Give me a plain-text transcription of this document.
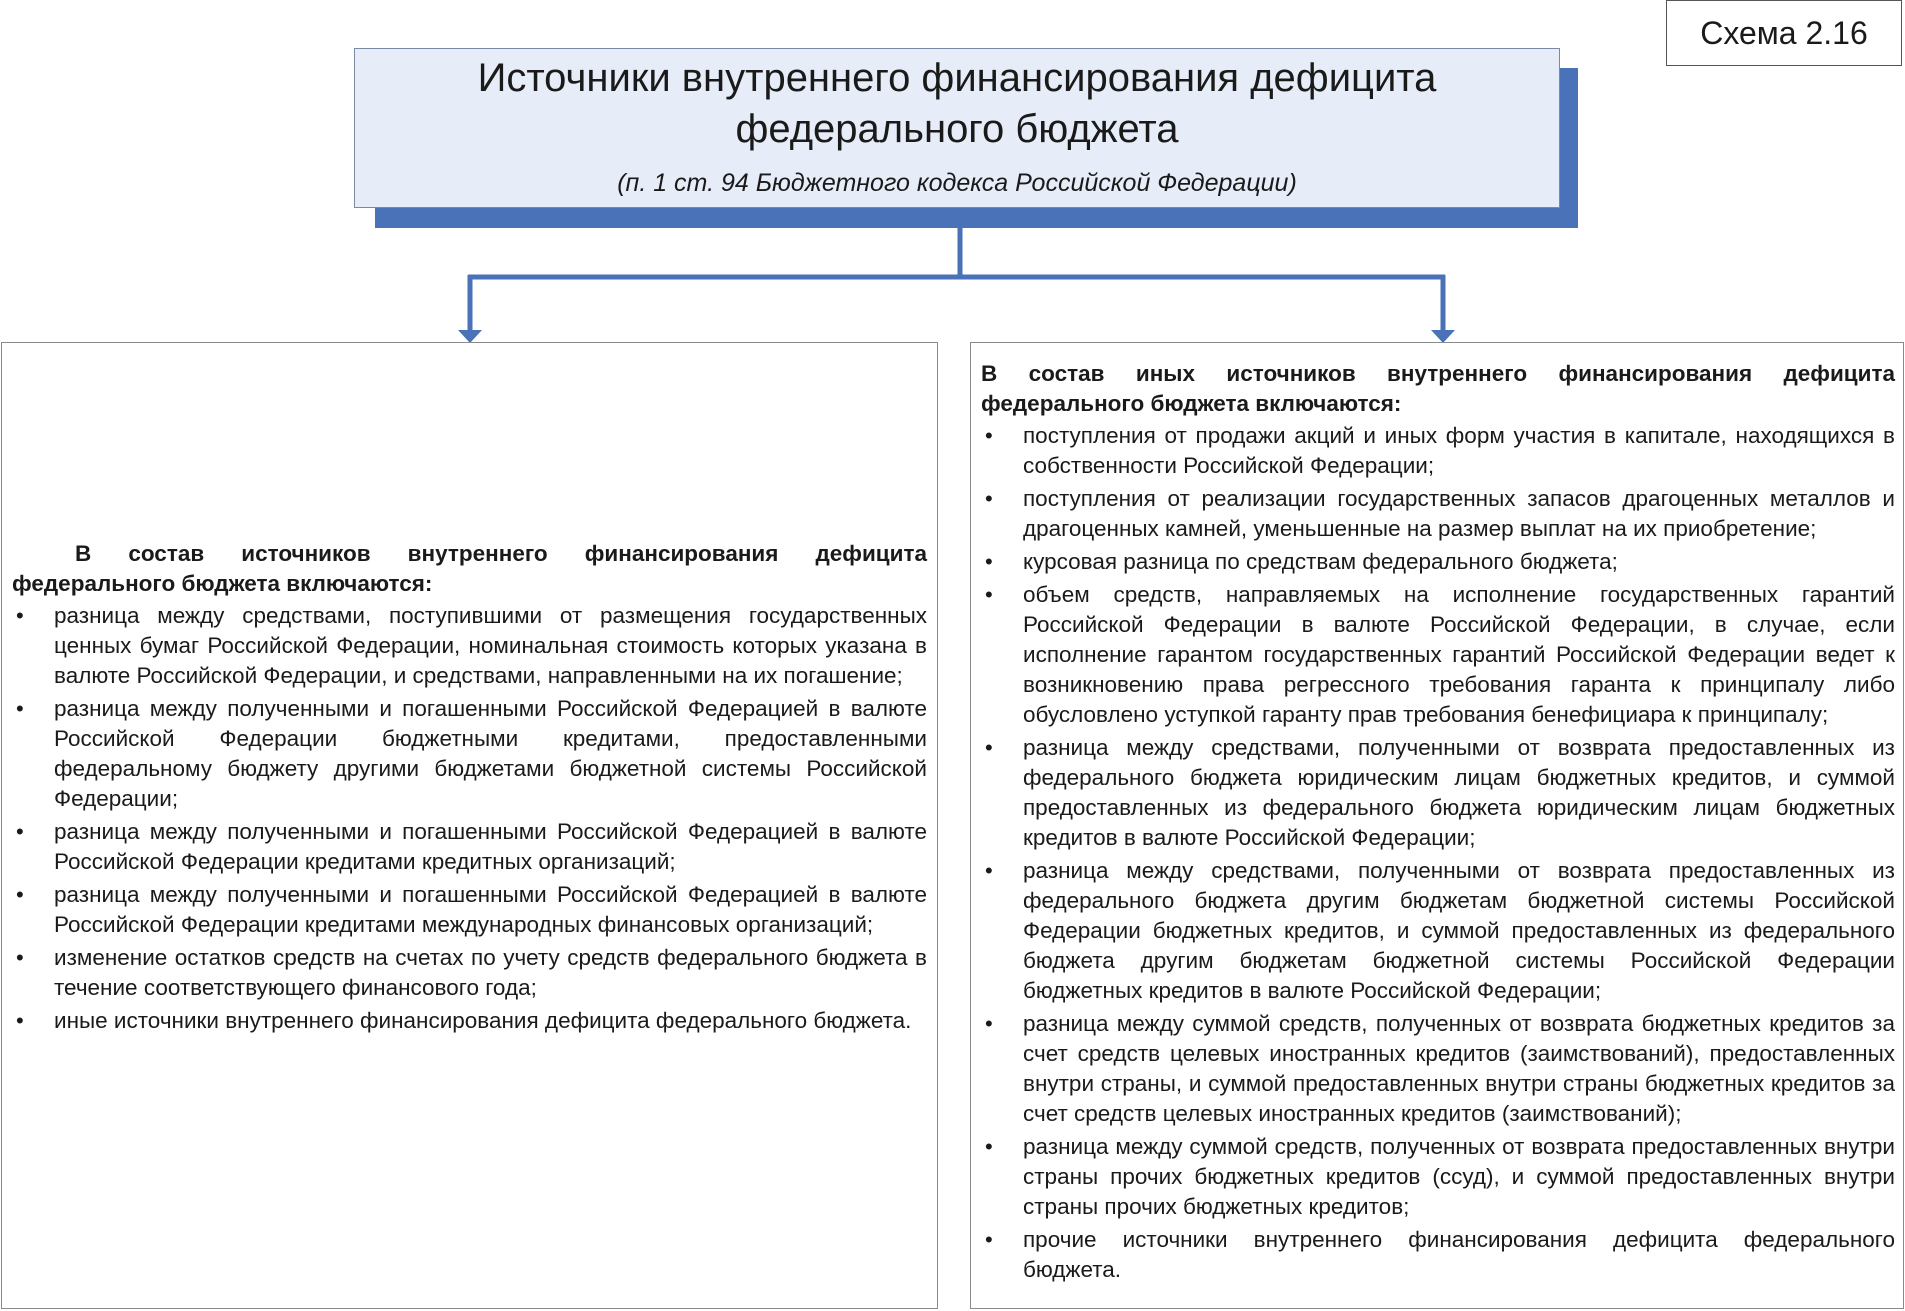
Схема 2.16
Источники внутреннего финансирования дефицита
федерального бюджета
(п. 1 ст. 94 Бюджетного кодекса Российской Федерации)
В состав источников внутреннего финансирования дефицита федерального бюджета включаются:
• разница между средствами, поступившими от размещения государственных ценных бумаг Российской Федерации, номинальная стоимость которых указана в валюте Российской Федерации, и средствами, направленными на их погашение;
• разница между полученными и погашенными Российской Федерацией в валюте Российской Федерации бюджетными кредитами, предоставленными федеральному бюджету другими бюджетами бюджетной системы Российской Федерации;
• разница между полученными и погашенными Российской Федерацией в валюте Российской Федерации кредитами кредитных организаций;
• разница между полученными и погашенными Российской Федерацией в валюте Российской Федерации кредитами международных финансовых организаций;
• изменение остатков средств на счетах по учету средств федерального бюджета в течение соответствующего финансового года;
• иные источники внутреннего финансирования дефицита федерального бюджета.
В состав иных источников внутреннего финансирования дефицита федерального бюджета включаются:
• поступления от продажи акций и иных форм участия в капитале, находящихся в собственности Российской Федерации;
• поступления от реализации государственных запасов драгоценных металлов и драгоценных камней, уменьшенные на размер выплат на их приобретение;
• курсовая разница по средствам федерального бюджета;
• объем средств, направляемых на исполнение государственных гарантий Российской Федерации в валюте Российской Федерации, в случае, если исполнение гарантом государственных гарантий Российской Федерации ведет к возникновению права регрессного требования гаранта к принципалу либо обусловлено уступкой гаранту прав требования бенефициара к принципалу;
• разница между средствами, полученными от возврата предоставленных из федерального бюджета юридическим лицам бюджетных кредитов, и суммой предоставленных из федерального бюджета юридическим лицам бюджетных кредитов в валюте Российской Федерации;
• разница между средствами, полученными от возврата предоставленных из федерального бюджета другим бюджетам бюджетной системы Российской Федерации бюджетных кредитов, и суммой предоставленных из федерального бюджета другим бюджетам бюджетной системы Российской Федерации бюджетных кредитов в валюте Российской Федерации;
• разница между суммой средств, полученных от возврата бюджетных кредитов за счет средств целевых иностранных кредитов (заимствований), предоставленных внутри страны, и суммой предоставленных внутри страны бюджетных кредитов за счет средств целевых иностранных кредитов (заимствований);
• разница между суммой средств, полученных от возврата предоставленных внутри страны прочих бюджетных кредитов (ссуд), и суммой предоставленных внутри страны прочих бюджетных кредитов;
• прочие источники внутреннего финансирования дефицита федерального бюджета.
